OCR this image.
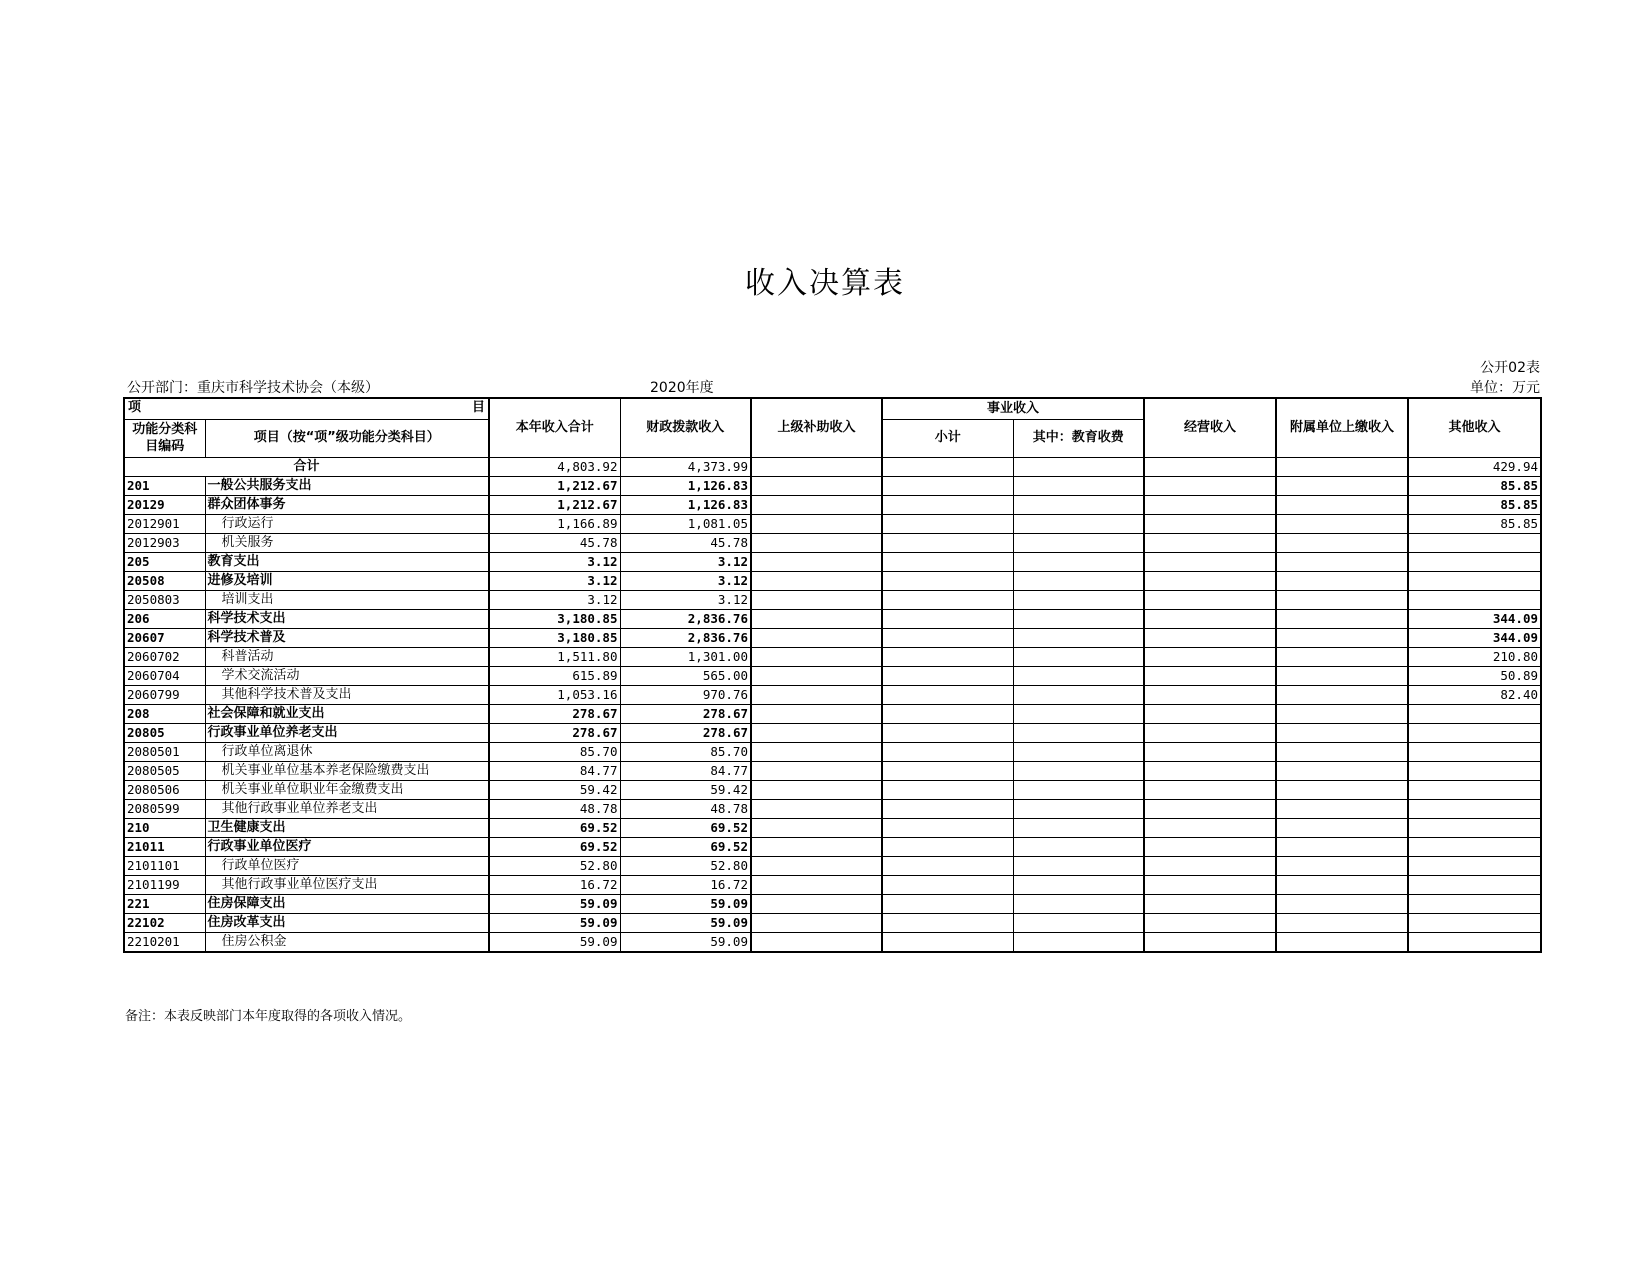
收入决算表
公开02表
公开部门：重庆市科学技术协会（本级）	2020年度	单位：万元
项 目		本年收入合计	财政拨款收入	上级补助收入	事业收入		经营收入	附属单位上缴收入	其他收入
功能分类科目编码	项目（按“项”级功能分类科目）								
					小计	其中：教育收费			
合计		4,803.92	4,373.99						429.94
201	一般公共服务支出	1,212.67	1,126.83						85.85
20129	群众团体事务	1,212.67	1,126.83						85.85
2012901	行政运行	1,166.89	1,081.05						85.85
2012903	机关服务	45.78	45.78						
205	教育支出	3.12	3.12						
20508	进修及培训	3.12	3.12						
2050803	培训支出	3.12	3.12						
206	科学技术支出	3,180.85	2,836.76						344.09
20607	科学技术普及	3,180.85	2,836.76						344.09
2060702	科普活动	1,511.80	1,301.00						210.80
2060704	学术交流活动	615.89	565.00						50.89
2060799	其他科学技术普及支出	1,053.16	970.76						82.40
208	社会保障和就业支出	278.67	278.67						
20805	行政事业单位养老支出	278.67	278.67						
2080501	行政单位离退休	85.70	85.70						
2080505	机关事业单位基本养老保险缴费支出	84.77	84.77						
2080506	机关事业单位职业年金缴费支出	59.42	59.42						
2080599	其他行政事业单位养老支出	48.78	48.78						
210	卫生健康支出	69.52	69.52						
21011	行政事业单位医疗	69.52	69.52						
2101101	行政单位医疗	52.80	52.80						
2101199	其他行政事业单位医疗支出	16.72	16.72						
221	住房保障支出	59.09	59.09						
22102	住房改革支出	59.09	59.09						
2210201	住房公积金	59.09	59.09						
备注：本表反映部门本年度取得的各项收入情况。
